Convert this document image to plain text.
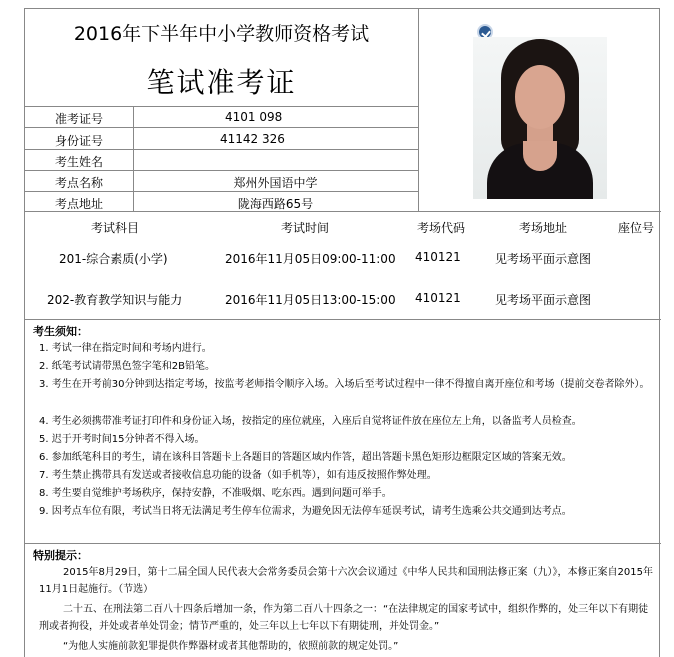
2016年下半年中小学教师资格考试
笔试准考证
准考证号	4101 098
身份证号	41142 326
考生姓名
考点名称	郑州外国语中学
考点地址	陇海西路65号
考试科目	考试时间	考场代码	考场地址	座位号
201-综合素质(小学)	2016年11月05日09:00-11:00 410121	见考场平面示意图
202-教育教学知识与能力	2016年11月05日13:00-15:00 410121	见考场平面示意图
考生须知：
1. 考试一律在指定时间和考场内进行。
2. 纸笔考试请带黑色签字笔和2B铅笔。
3. 考生在开考前30分钟到达指定考场，按监考老师指令顺序入场。入场后至考试过程中一律不得擅自离开座位和考场（提前交卷者除外）。
4. 考生必须携带准考证打印件和身份证入场，按指定的座位就座，入座后自觉将证件放在座位左上角，以备监考人员检查。
5. 迟于开考时间15分钟者不得入场。
6. 参加纸笔科目的考生，请在该科目答题卡上各题目的答题区域内作答，超出答题卡黑色矩形边框限定区域的答案无效。
7. 考生禁止携带具有发送或者接收信息功能的设备（如手机等），如有违反按照作弊处理。
8. 考生要自觉维护考场秩序，保持安静，不准吸烟、吃东西。遇到问题可举手。
9. 因考点车位有限，考试当日将无法满足考生停车位需求，为避免因无法停车延误考试，请考生选乘公共交通到达考点。
特别提示：
2015年8月29日，第十二届全国人民代表大会常务委员会第十六次会议通过《中华人民共和国刑法修正案（九）》，本修正案自2015年11月1日起施行。（节选）
二十五、在刑法第二百八十四条后增加一条，作为第二百八十四条之一：“在法律规定的国家考试中，组织作弊的，处三年以下有期徒刑或者拘役，并处或者单处罚金；情节严重的，处三年以上七年以下有期徒刑，并处罚金。”
“为他人实施前款犯罪提供作弊器材或者其他帮助的，依照前款的规定处罚。”
